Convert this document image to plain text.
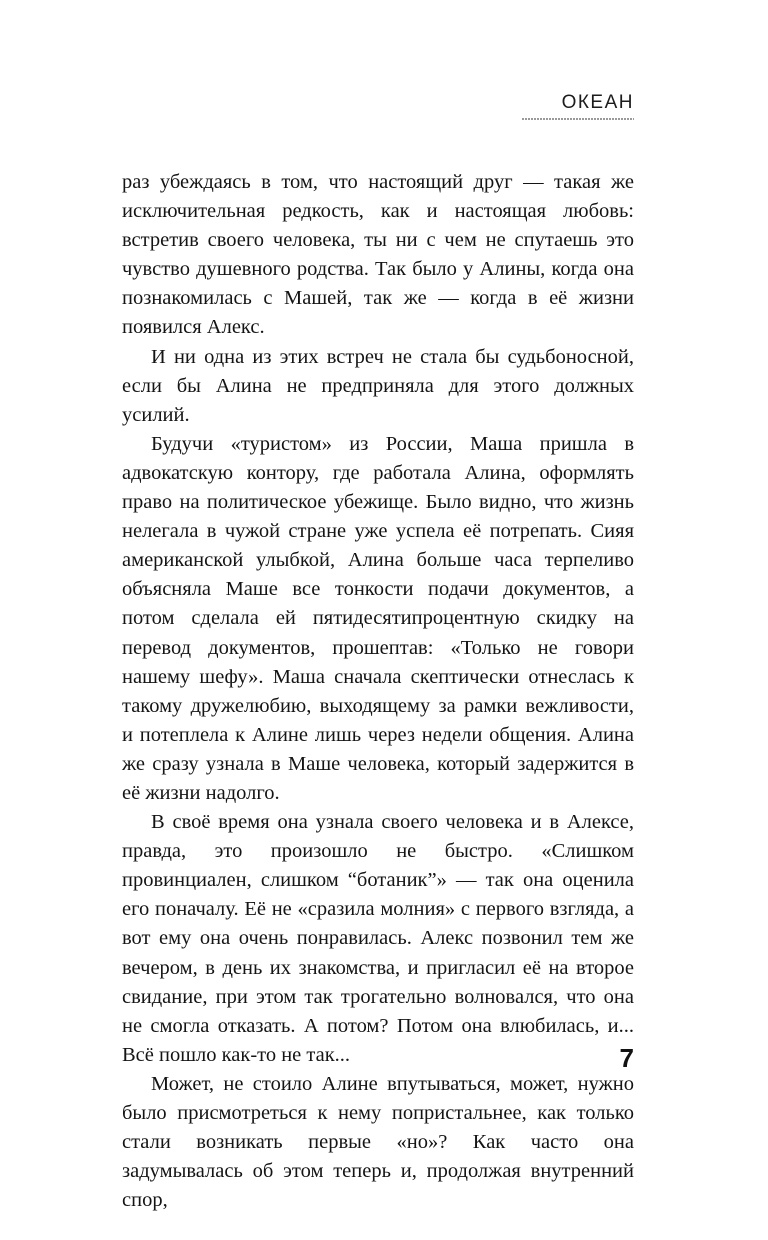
ОКЕАН

раз убеждаясь в том, что настоящий друг — такая же исключительная редкость, как и настоящая любовь: встретив своего человека, ты ни с чем не спутаешь это чувство душевного родства. Так было у Алины, когда она познакомилась с Машей, так же — когда в её жизни появился Алекс.

И ни одна из этих встреч не стала бы судьбоносной, если бы Алина не предприняла для этого должных усилий.

Будучи «туристом» из России, Маша пришла в адвокатскую контору, где работала Алина, оформлять право на политическое убежище. Было видно, что жизнь нелегала в чужой стране уже успела её потрепать. Сияя американской улыбкой, Алина больше часа терпеливо объясняла Маше все тонкости подачи документов, а потом сделала ей пятидесятипроцентную скидку на перевод документов, прошептав: «Только не говори нашему шефу». Маша сначала скептически отнеслась к такому дружелюбию, выходящему за рамки вежливости, и потеплела к Алине лишь через недели общения. Алина же сразу узнала в Маше человека, который задержится в её жизни надолго.

В своё время она узнала своего человека и в Алексе, правда, это произошло не быстро. «Слишком провинциален, слишком “ботаник”» — так она оценила его поначалу. Её не «сразила молния» с первого взгляда, а вот ему она очень понравилась. Алекс позвонил тем же вечером, в день их знакомства, и пригласил её на второе свидание, при этом так трогательно волновался, что она не смогла отказать. А потом? Потом она влюбилась, и... Всё пошло как-то не так...

Может, не стоило Алине впутываться, может, нужно было присмотреться к нему попристальнее, как только стали возникать первые «но»? Как часто она задумывалась об этом теперь и, продолжая внутренний спор,

7
